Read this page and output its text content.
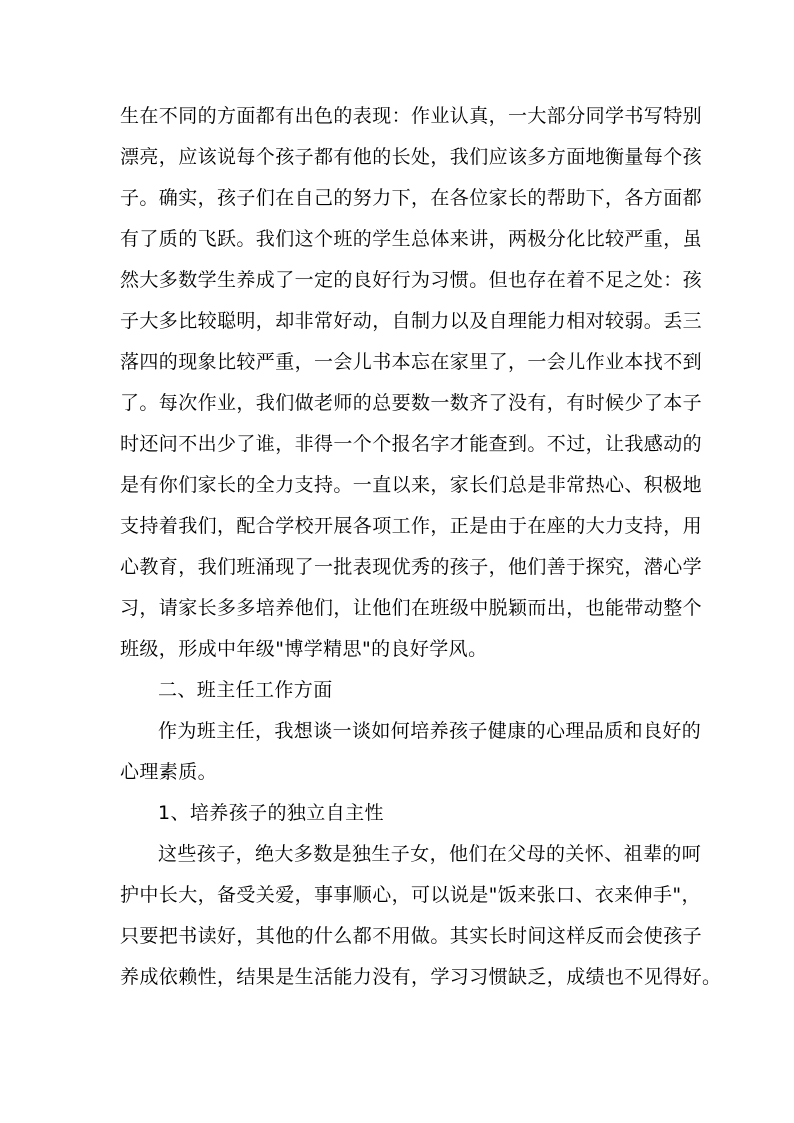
生在不同的方面都有出色的表现：作业认真，一大部分同学书写特别
漂亮，应该说每个孩子都有他的长处，我们应该多方面地衡量每个孩
子。确实，孩子们在自己的努力下，在各位家长的帮助下，各方面都
有了质的飞跃。我们这个班的学生总体来讲，两极分化比较严重，虽
然大多数学生养成了一定的良好行为习惯。但也存在着不足之处：孩
子大多比较聪明，却非常好动，自制力以及自理能力相对较弱。丢三
落四的现象比较严重，一会儿书本忘在家里了，一会儿作业本找不到
了。每次作业，我们做老师的总要数一数齐了没有，有时候少了本子
时还问不出少了谁，非得一个个报名字才能查到。不过，让我感动的
是有你们家长的全力支持。一直以来，家长们总是非常热心、积极地
支持着我们，配合学校开展各项工作，正是由于在座的大力支持，用
心教育，我们班涌现了一批表现优秀的孩子，他们善于探究，潜心学
习，请家长多多培养他们，让他们在班级中脱颖而出，也能带动整个
班级，形成中年级"博学精思"的良好学风。
二、班主任工作方面
作为班主任，我想谈一谈如何培养孩子健康的心理品质和良好的
心理素质。
1、培养孩子的独立自主性
这些孩子，绝大多数是独生子女，他们在父母的关怀、祖辈的呵
护中长大，备受关爱，事事顺心，可以说是"饭来张口、衣来伸手"，
只要把书读好，其他的什么都不用做。其实长时间这样反而会使孩子
养成依赖性，结果是生活能力没有，学习习惯缺乏，成绩也不见得好。
